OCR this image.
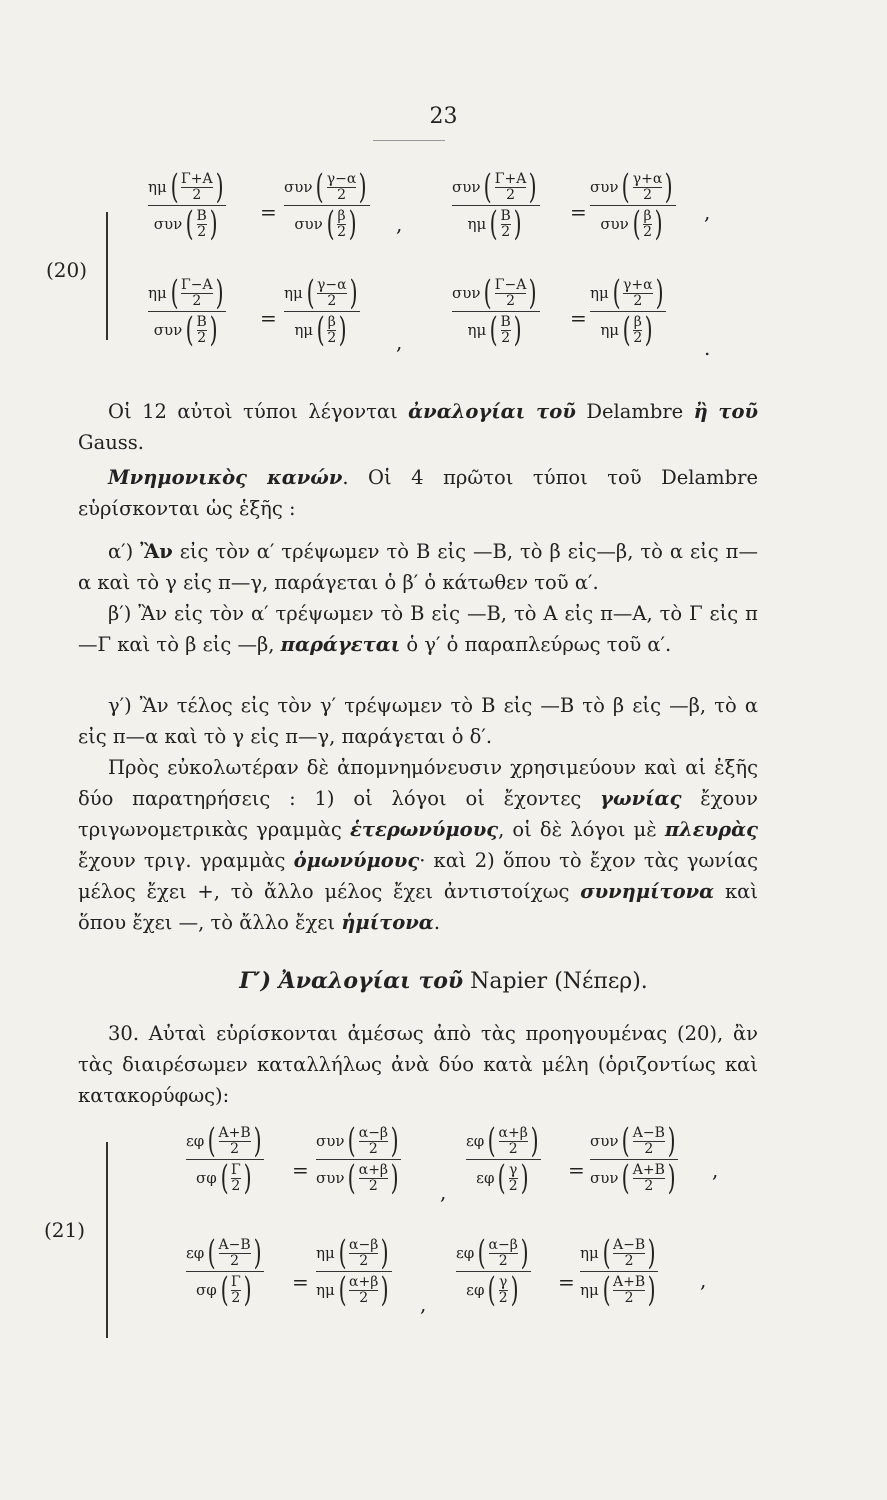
23
(20)
ημ ( Γ+Α
2 )
συν ( Β
2 ) =
συν ( γ−α
2 )
συν ( β
2 ) ,
συν ( Γ+Α
2 )
ημ ( Β
2 ) =
συν ( γ+α
2 )
συν ( β
2 ) ,
ημ ( Γ−Α
2 )
συν ( Β
2 ) =
ημ ( γ−α
2 )
ημ ( β
2 ) ,
συν ( Γ−Α
2 )
ημ ( Β
2 ) =
ημ ( γ+α
2 )
ημ ( β
2 )	.
Οἱ 12 αὐτοὶ τύποι λέγονται ἀναλογίαι τοῦ Delambre ἢ τοῦ Gauss.
Μνημονικὸς κανών. Οἱ 4 πρῶτοι τύποι τοῦ Delambre εὑρίσκονται ὡς ἑξῆς :
α′) Ἂν εἰς τὸν α′ τρέψωμεν τὸ Β εἰς —Β, τὸ β εἰς—β, τὸ α εἰς π—α καὶ τὸ γ εἰς π—γ, παράγεται ὁ β′ ὁ κάτωθεν τοῦ α′.
β′) Ἂν εἰς τὸν α′ τρέψωμεν τὸ Β εἰς —Β, τὸ Α εἰς π—Α, τὸ Γ εἰς π—Γ καὶ τὸ β εἰς —β, παράγεται ὁ γ′ ὁ παραπλεύρως τοῦ α′.
γ′) Ἂν τέλος εἰς τὸν γ′ τρέψωμεν τὸ Β εἰς —Β τὸ β εἰς —β, τὸ α εἰς π—α καὶ τὸ γ εἰς π—γ, παράγεται ὁ δ′.
Πρὸς εὐκολωτέραν δὲ ἀπομνημόνευσιν χρησιμεύουν καὶ αἱ ἑξῆς δύο παρατηρήσεις : 1) οἱ λόγοι οἱ ἔχοντες γωνίας ἔχουν τριγωνομετρικὰς γραμμὰς ἑτερωνύμους, οἱ δὲ λόγοι μὲ πλευρὰς ἔχουν τριγ. γραμμὰς ὁμωνύμους· καὶ 2) ὅπου τὸ ἔχον τὰς γωνίας μέλος ἔχει +, τὸ ἄλλο μέλος ἔχει ἀντιστοίχως συνημίτονα καὶ ὅπου ἔχει —, τὸ ἄλλο ἔχει ἡμίτονα.
Γ′) Ἀναλογίαι τοῦ Napier (Νέπερ).
30. Αὐταὶ εὑρίσκονται ἀμέσως ἀπὸ τὰς προηγουμένας (20), ἂν τὰς διαιρέσωμεν καταλλήλως ἀνὰ δύο κατὰ μέλη (ὁριζοντίως καὶ κατακορύφως):
(21)
εφ ( Α+Β
2 )
σφ ( Γ
2 ) =
συν ( α−β
2 )
συν ( α+β
2 ) ,
εφ ( α+β
2 )
εφ ( γ
2 ) =
συν ( Α−Β
2 )
συν ( Α+Β
2 ) ,
εφ ( Α−Β
2 )
σφ ( Γ
2 ) =
ημ ( α−β
2 )
ημ ( α+β
2 ) ,
εφ ( α−β
2 )
εφ ( γ
2 ) =
ημ ( Α−Β
2 )
ημ ( Α+Β
2 ) ,
